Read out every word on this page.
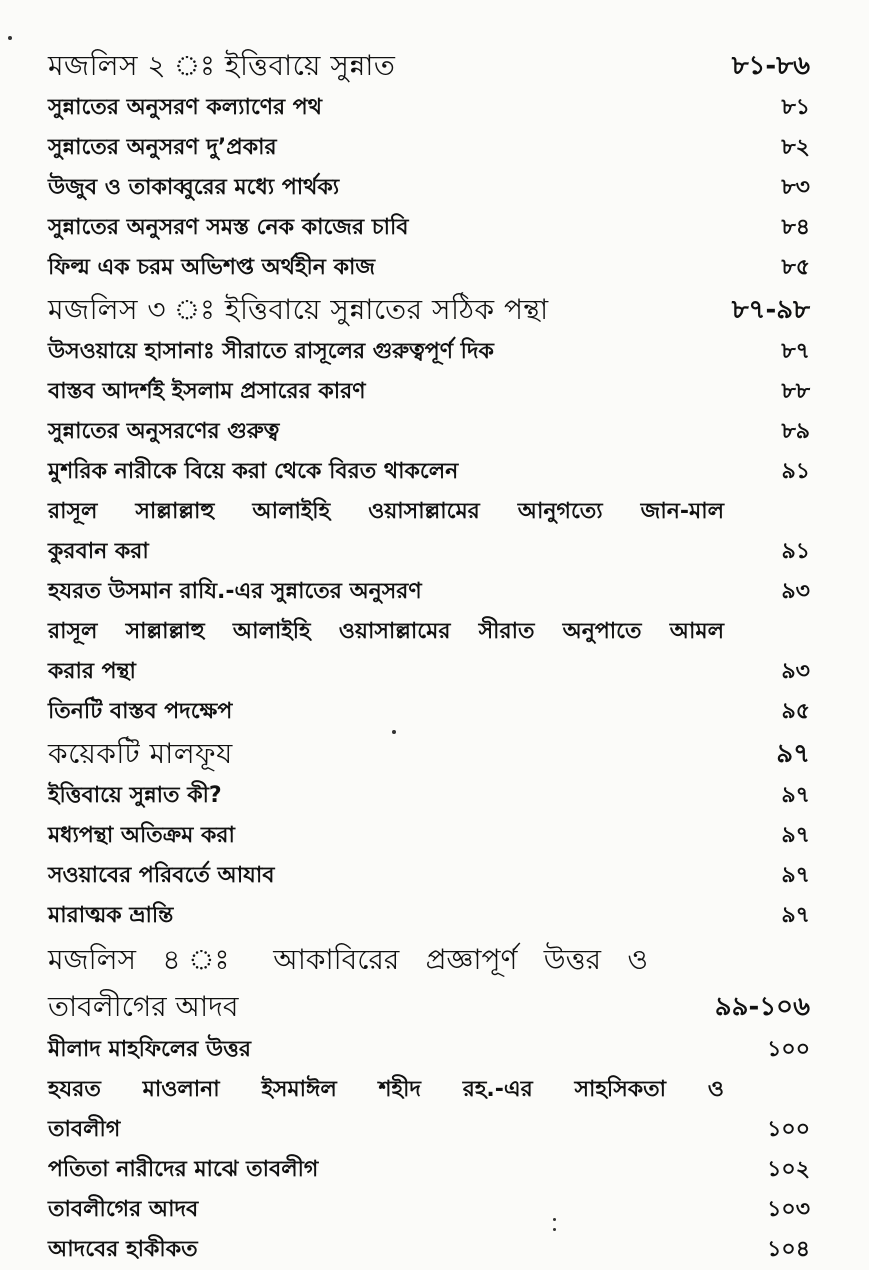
মজলিস ২ ঃ ইত্তিবায়ে সুন্নাত	৮১-৮৬
সুন্নাতের অনুসরণ কল্যাণের পথ	৮১
সুন্নাতের অনুসরণ দু’প্রকার	৮২
উজুব ও তাকাব্বুরের মধ্যে পার্থক্য	৮৩
সুন্নাতের অনুসরণ সমস্ত নেক কাজের চাবি	৮৪
ফিল্ম এক চরম অভিশপ্ত অর্থহীন কাজ	৮৫
মজলিস ৩ ঃ ইত্তিবায়ে সুন্নাতের সঠিক পন্থা	৮৭-৯৮
উসওয়ায়ে হাসানাঃ সীরাতে রাসূলের গুরুত্বপূর্ণ দিক	৮৭
বাস্তব আদর্শই ইসলাম প্রসারের কারণ	৮৮
সুন্নাতের অনুসরণের গুরুত্ব	৮৯
মুশরিক নারীকে বিয়ে করা থেকে বিরত থাকলেন	৯১
রাসূল সাল্লাল্লাহু আলাইহি ওয়াসাল্লামের আনুগত্যে জান-মাল
কুরবান করা	৯১
হযরত উসমান রাযি.-এর সুন্নাতের অনুসরণ	৯৩
রাসূল সাল্লাল্লাহু আলাইহি ওয়াসাল্লামের সীরাত অনুপাতে আমল
করার পন্থা	৯৩
তিনটি বাস্তব পদক্ষেপ	৯৫
কয়েকটি মালফূয	৯৭
ইত্তিবায়ে সুন্নাত কী?	৯৭
মধ্যপন্থা অতিক্রম করা	৯৭
সওয়াবের পরিবর্তে আযাব	৯৭
মারাত্মক ভ্রান্তি	৯৭
মজলিস ৪ ঃ আকাবিরের প্রজ্ঞাপূর্ণ উত্তর ও
তাবলীগের আদব	৯৯-১০৬
মীলাদ মাহফিলের উত্তর	১০০
হযরত মাওলানা ইসমাঈল শহীদ রহ.-এর সাহসিকতা ও
তাবলীগ	১০০
পতিতা নারীদের মাঝে তাবলীগ	১০২
তাবলীগের আদব	১০৩
আদবের হাকীকত	১০৪
